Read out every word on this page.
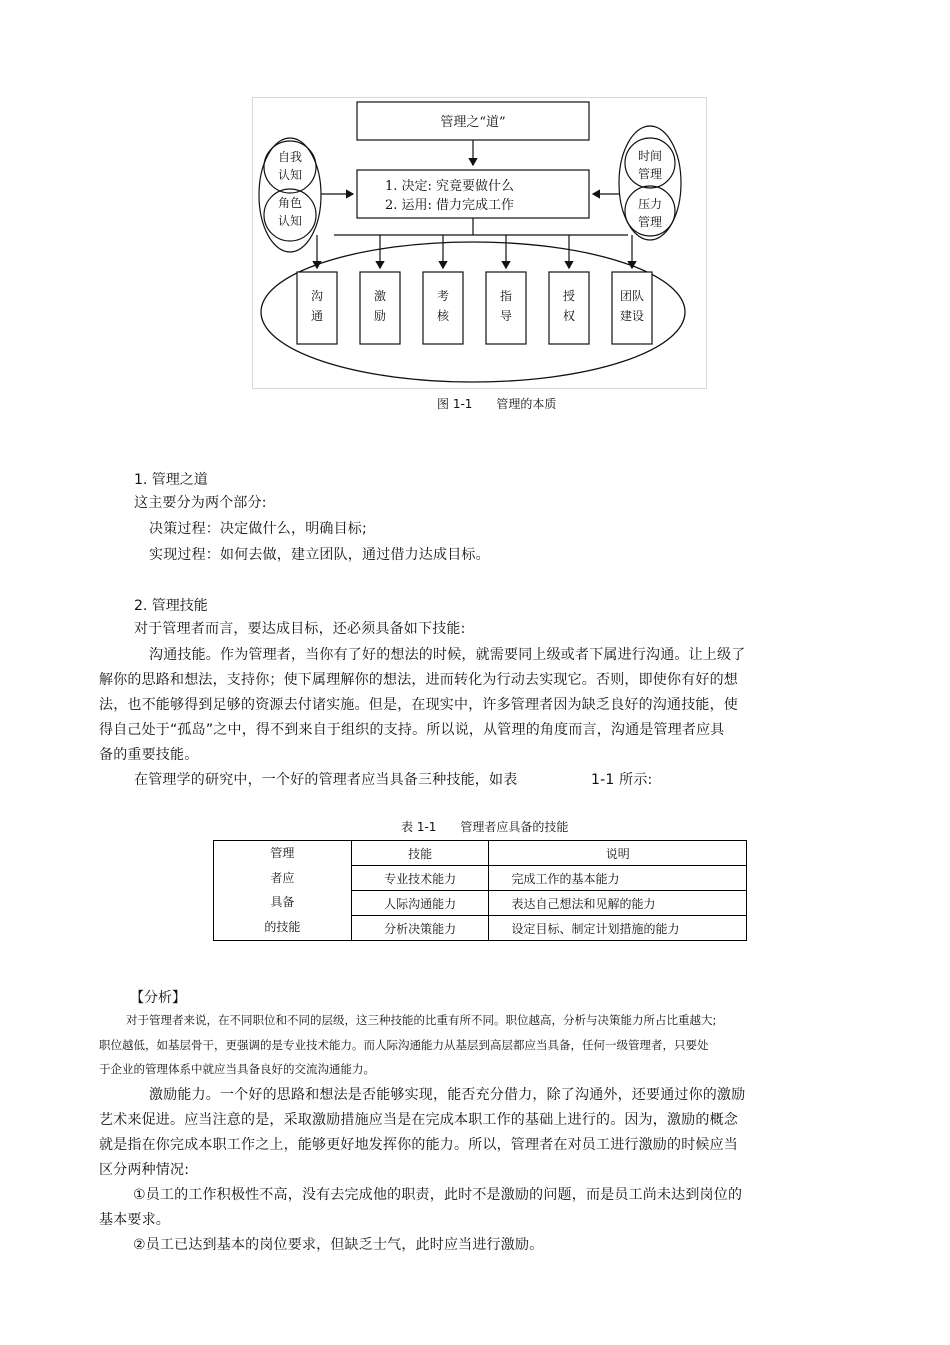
管理之“道”
1. 决定: 究竟要做什么
2. 运用: 借力完成工作
自我
认知
角色
认知
时间
管理
压力
管理
沟
通
激
励
考
核
指
导
授
权
团队
建设
图 1-1　　管理的本质
1. 管理之道
这主要分为两个部分:
决策过程：决定做什么，明确目标;
实现过程：如何去做，建立团队，通过借力达成目标。
2. 管理技能
对于管理者而言，要达成目标，还必须具备如下技能:
沟通技能。作为管理者，当你有了好的想法的时候，就需要同上级或者下属进行沟通。让上级了
解你的思路和想法，支持你；使下属理解你的想法，进而转化为行动去实现它。否则，即使你有好的想
法，也不能够得到足够的资源去付诸实施。但是，在现实中，许多管理者因为缺乏良好的沟通技能，使
得自己处于“孤岛”之中，得不到来自于组织的支持。所以说，从管理的角度而言，沟通是管理者应具
备的重要技能。
在管理学的研究中，一个好的管理者应当具备三种技能，如表	1-1 所示:
表 1-1　　管理者应具备的技能
管理
者应
具备
的技能	技能	说明
	专业技术能力	完成工作的基本能力
	人际沟通能力	表达自己想法和见解的能力
	分析决策能力	设定目标、制定计划措施的能力
【分析】
对于管理者来说，在不同职位和不同的层级，这三种技能的比重有所不同。职位越高，分析与决策能力所占比重越大;
职位越低，如基层骨干，更强调的是专业技术能力。而人际沟通能力从基层到高层都应当具备，任何一级管理者，只要处
于企业的管理体系中就应当具备良好的交流沟通能力。
激励能力。一个好的思路和想法是否能够实现，能否充分借力，除了沟通外，还要通过你的激励
艺术来促进。应当注意的是，采取激励措施应当是在完成本职工作的基础上进行的。因为，激励的概念
就是指在你完成本职工作之上，能够更好地发挥你的能力。所以，管理者在对员工进行激励的时候应当
区分两种情况:
①员工的工作积极性不高，没有去完成他的职责，此时不是激励的问题，而是员工尚未达到岗位的
基本要求。
②员工已达到基本的岗位要求，但缺乏士气，此时应当进行激励。
